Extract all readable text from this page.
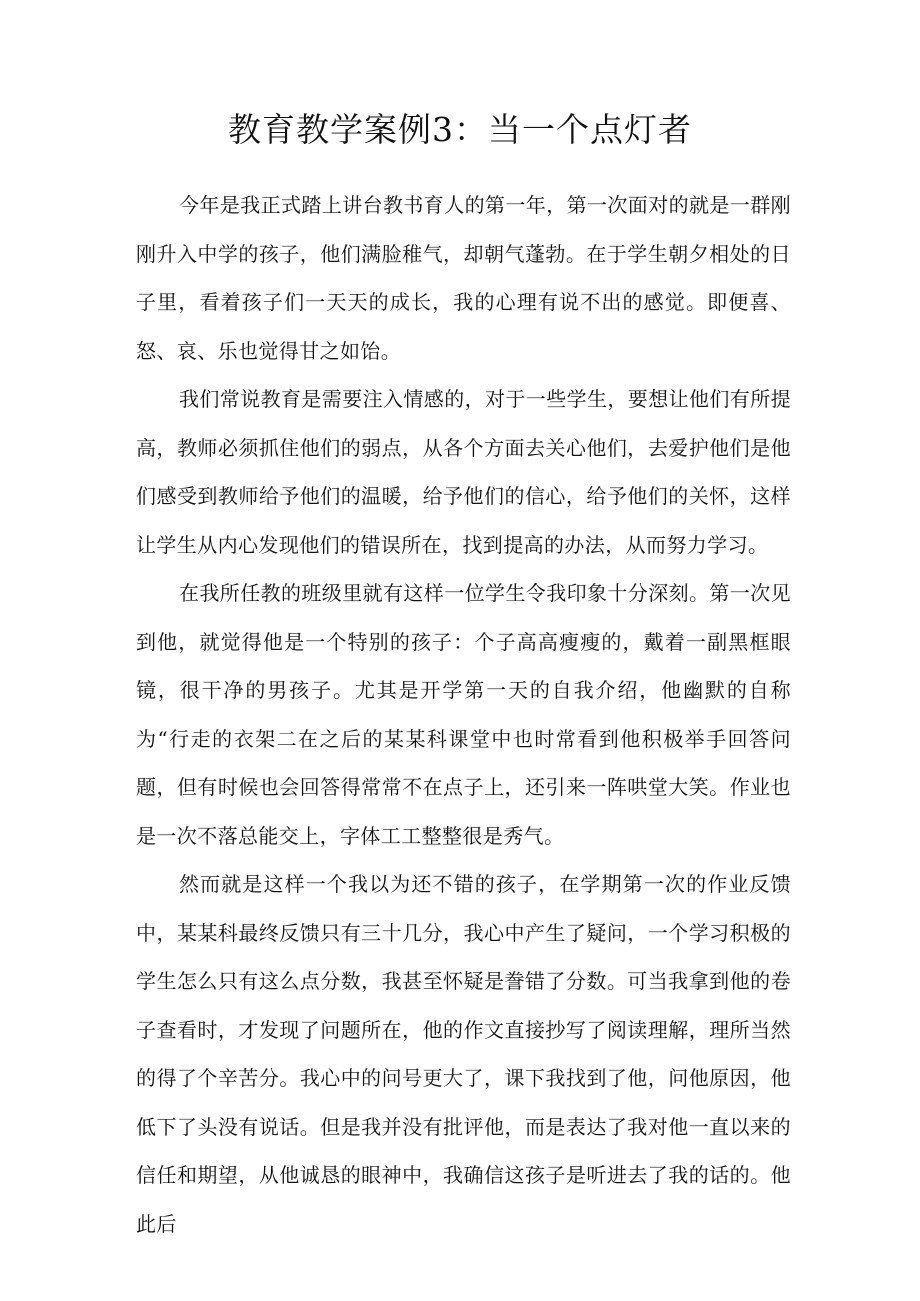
教育教学案例3：当一个点灯者

今年是我正式踏上讲台教书育人的第一年，第一次面对的就是一群刚刚升入中学的孩子，他们满脸稚气，却朝气蓬勃。在于学生朝夕相处的日子里，看着孩子们一天天的成长，我的心理有说不出的感觉。即便喜、怒、哀、乐也觉得甘之如饴。

我们常说教育是需要注入情感的，对于一些学生，要想让他们有所提高，教师必须抓住他们的弱点，从各个方面去关心他们，去爱护他们是他们感受到教师给予他们的温暖，给予他们的信心，给予他们的关怀，这样让学生从内心发现他们的错误所在，找到提高的办法，从而努力学习。

在我所任教的班级里就有这样一位学生令我印象十分深刻。第一次见到他，就觉得他是一个特别的孩子：个子高高瘦瘦的，戴着一副黑框眼镜，很干净的男孩子。尤其是开学第一天的自我介绍，他幽默的自称为“行走的衣架二在之后的某某科课堂中也时常看到他积极举手回答问题，但有时候也会回答得常常不在点子上，还引来一阵哄堂大笑。作业也是一次不落总能交上，字体工工整整很是秀气。

然而就是这样一个我以为还不错的孩子，在学期第一次的作业反馈中，某某科最终反馈只有三十几分，我心中产生了疑问，一个学习积极的学生怎么只有这么点分数，我甚至怀疑是誊错了分数。可当我拿到他的卷子查看时，才发现了问题所在，他的作文直接抄写了阅读理解，理所当然的得了个辛苦分。我心中的问号更大了，课下我找到了他，问他原因，他低下了头没有说话。但是我并没有批评他，而是表达了我对他一直以来的信任和期望，从他诚恳的眼神中，我确信这孩子是听进去了我的话的。他此后
